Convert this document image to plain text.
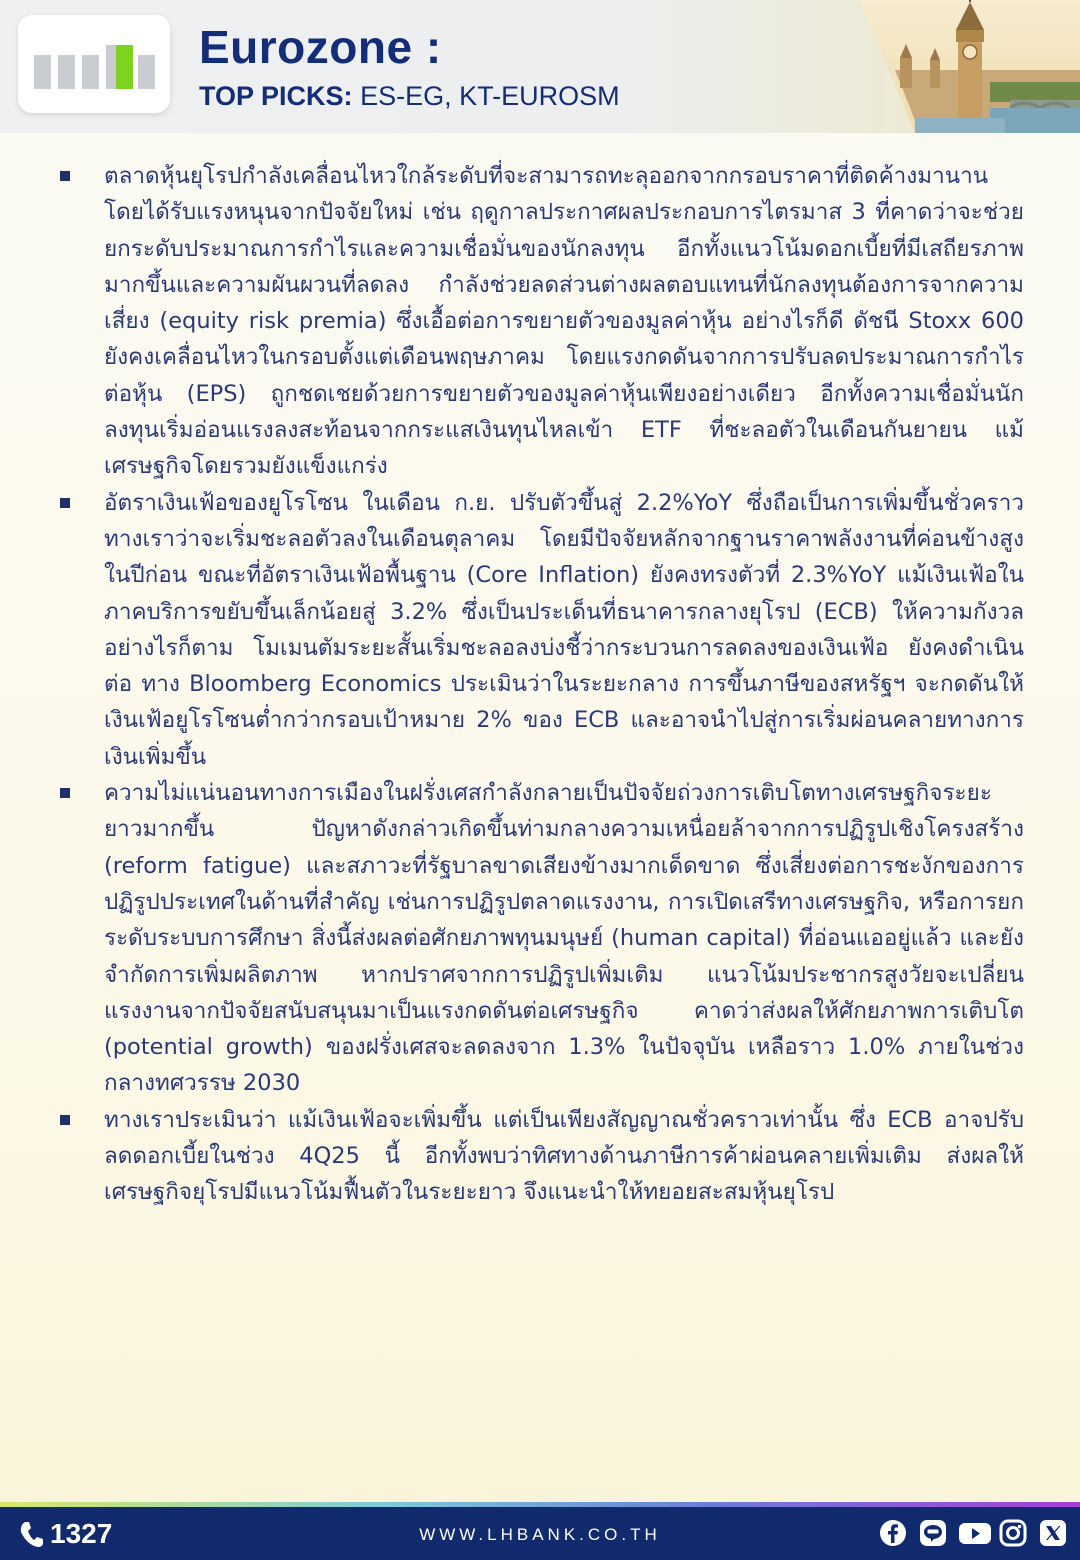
Eurozone :
TOP PICKS: ES-EG, KT-EUROSM
ตลาดหุ้นยุโรปกำลังเคลื่อนไหวใกล้ระดับที่จะสามารถทะลุออกจากกรอบราคาที่ติดค้างมานาน โดยได้รับแรงหนุนจากปัจจัยใหม่ เช่น ฤดูกาลประกาศผลประกอบการไตรมาส 3 ที่คาดว่าจะช่วยยกระดับประมาณการกำไรและความเชื่อมั่นของนักลงทุน อีกทั้งแนวโน้มดอกเบี้ยที่มีเสถียรภาพมากขึ้นและความผันผวนที่ลดลง กำลังช่วยลดส่วนต่างผลตอบแทนที่นักลงทุนต้องการจากความเสี่ยง (equity risk premia) ซึ่งเอื้อต่อการขยายตัวของมูลค่าหุ้น อย่างไรก็ดี ดัชนี Stoxx 600 ยังคงเคลื่อนไหวในกรอบตั้งแต่เดือนพฤษภาคม โดยแรงกดดันจากการปรับลดประมาณการกำไรต่อหุ้น (EPS) ถูกชดเชยด้วยการขยายตัวของมูลค่าหุ้นเพียงอย่างเดียว อีกทั้งความเชื่อมั่นนักลงทุนเริ่มอ่อนแรงลงสะท้อนจากกระแสเงินทุนไหลเข้า ETF ที่ชะลอตัวในเดือนกันยายน แม้เศรษฐกิจโดยรวมยังแข็งแกร่ง
อัตราเงินเฟ้อของยูโรโซน ในเดือน ก.ย. ปรับตัวขึ้นสู่ 2.2%YoY ซึ่งถือเป็นการเพิ่มขึ้นชั่วคราว ทางเราว่าจะเริ่มชะลอตัวลงในเดือนตุลาคม โดยมีปัจจัยหลักจากฐานราคาพลังงานที่ค่อนข้างสูงในปีก่อน ขณะที่อัตราเงินเฟ้อพื้นฐาน (Core Inflation) ยังคงทรงตัวที่ 2.3%YoY แม้เงินเฟ้อในภาคบริการขยับขึ้นเล็กน้อยสู่ 3.2% ซึ่งเป็นประเด็นที่ธนาคารกลางยุโรป (ECB) ให้ความกังวล อย่างไรก็ตาม โมเมนตัมระยะสั้นเริ่มชะลอลงบ่งชี้ว่ากระบวนการลดลงของเงินเฟ้อ ยังคงดำเนินต่อ ทาง Bloomberg Economics ประเมินว่าในระยะกลาง การขึ้นภาษีของสหรัฐฯ จะกดดันให้เงินเฟ้อยูโรโซนต่ำกว่ากรอบเป้าหมาย 2% ของ ECB และอาจนำไปสู่การเริ่มผ่อนคลายทางการเงินเพิ่มขึ้น
ความไม่แน่นอนทางการเมืองในฝรั่งเศสกำลังกลายเป็นปัจจัยถ่วงการเติบโตทางเศรษฐกิจระยะยาวมากขึ้น ปัญหาดังกล่าวเกิดขึ้นท่ามกลางความเหนื่อยล้าจากการปฏิรูปเชิงโครงสร้าง (reform fatigue) และสภาวะที่รัฐบาลขาดเสียงข้างมากเด็ดขาด ซึ่งเสี่ยงต่อการชะงักของการปฏิรูปประเทศในด้านที่สำคัญ เช่นการปฏิรูปตลาดแรงงาน, การเปิดเสรีทางเศรษฐกิจ, หรือการยกระดับระบบการศึกษา สิ่งนี้ส่งผลต่อศักยภาพทุนมนุษย์ (human capital) ที่อ่อนแออยู่แล้ว และยังจำกัดการเพิ่มผลิตภาพ หากปราศจากการปฏิรูปเพิ่มเติม แนวโน้มประชากรสูงวัยจะเปลี่ยนแรงงานจากปัจจัยสนับสนุนมาเป็นแรงกดดันต่อเศรษฐกิจ คาดว่าส่งผลให้ศักยภาพการเติบโต (potential growth) ของฝรั่งเศสจะลดลงจาก 1.3% ในปัจจุบัน เหลือราว 1.0% ภายในช่วงกลางทศวรรษ 2030
ทางเราประเมินว่า แม้เงินเฟ้อจะเพิ่มขึ้น แต่เป็นเพียงสัญญาณชั่วคราวเท่านั้น ซึ่ง ECB อาจปรับลดดอกเบี้ยในช่วง 4Q25 นี้ อีกทั้งพบว่าทิศทางด้านภาษีการค้าผ่อนคลายเพิ่มเติม ส่งผลให้เศรษฐกิจยุโรปมีแนวโน้มฟื้นตัวในระยะยาว จึงแนะนำให้ทยอยสะสมหุ้นยุโรป
1327	WWW.LHBANK.CO.TH
